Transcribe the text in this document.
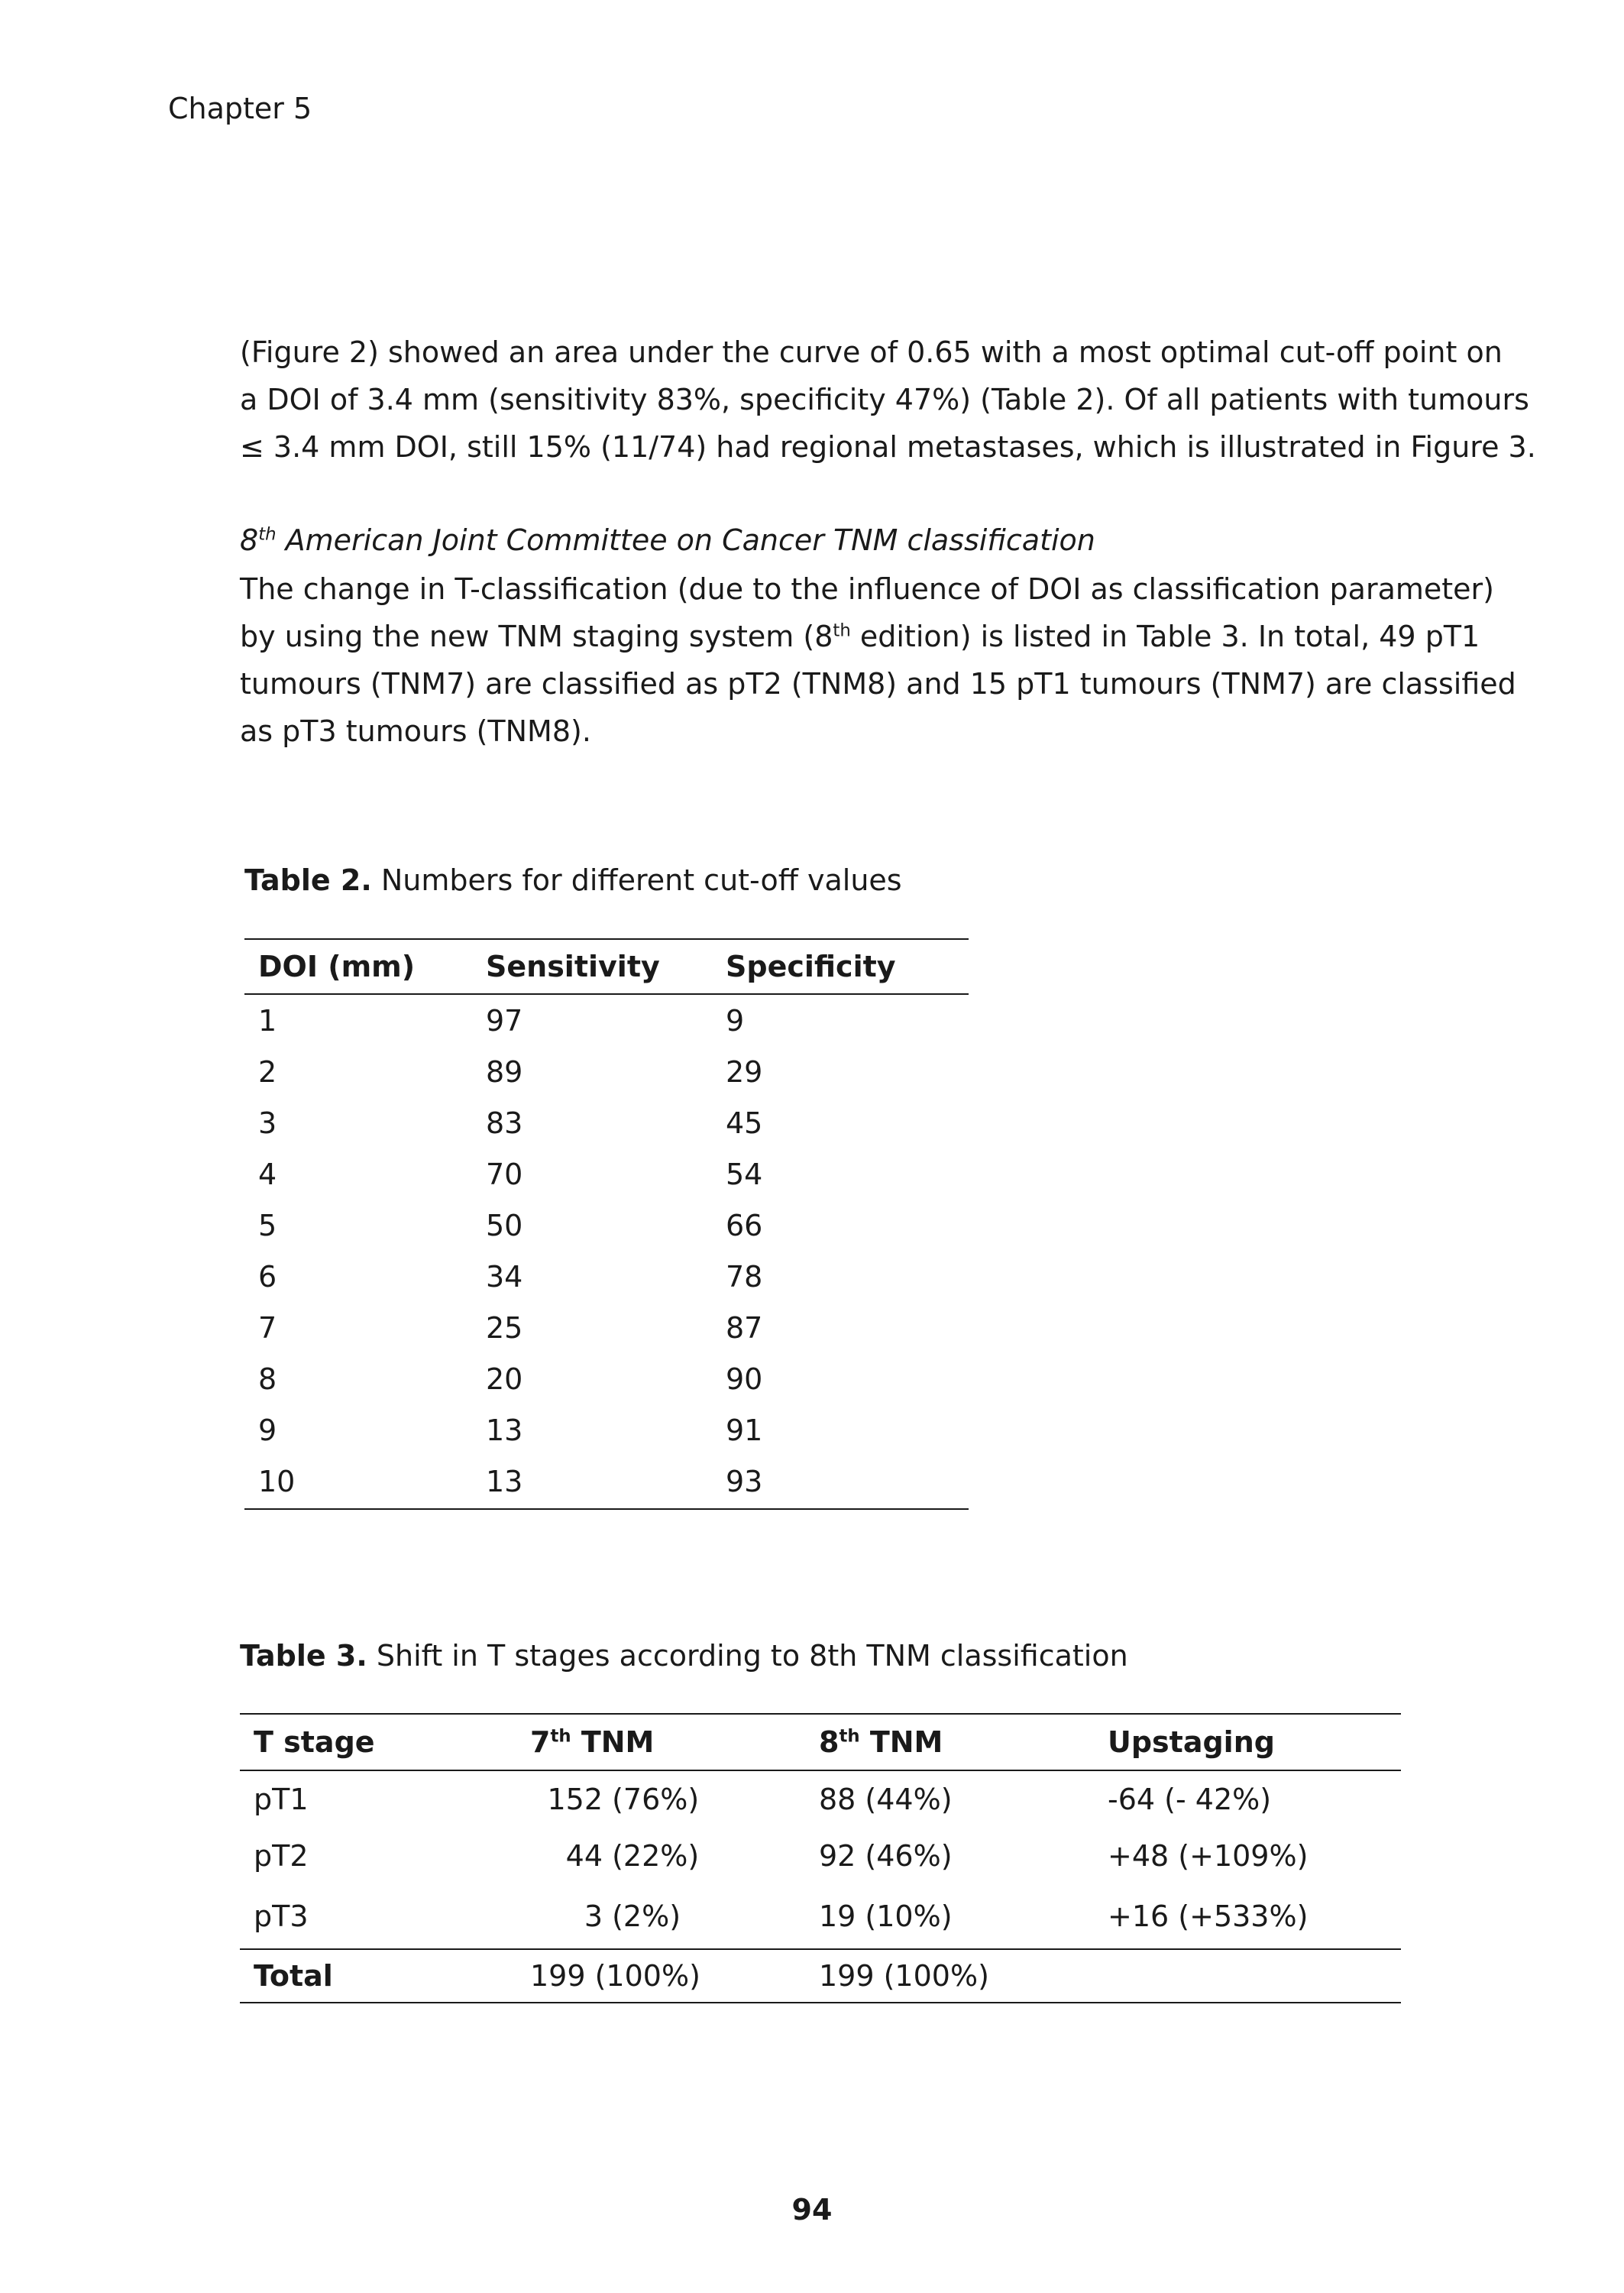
Chapter 5
(Figure 2) showed an area under the curve of 0.65 with a most optimal cut-off point on
a DOI of 3.4 mm (sensitivity 83%, specificity 47%) (Table 2). Of all patients with tumours
≤ 3.4 mm DOI, still 15% (11/74) had regional metastases, which is illustrated in Figure 3.
8th American Joint Committee on Cancer TNM classification
The change in T-classification (due to the influence of DOI as classification parameter)
by using the new TNM staging system (8th edition) is listed in Table 3. In total, 49 pT1
tumours (TNM7) are classified as pT2 (TNM8) and 15 pT1 tumours (TNM7) are classified
as pT3 tumours (TNM8).
Table 2. Numbers for different cut-off values
DOI (mm)	Sensitivity	Specificity
1	97	9
2	89	29
3	83	45
4	70	54
5	50	66
6	34	78
7	25	87
8	20	90
9	13	91
10	13	93
Table 3. Shift in T stages according to 8th TNM classification
T stage	7th TNM	8th TNM	Upstaging
pT1	152 (76%)	88 (44%)	-64 (- 42%)
pT2	44 (22%)	92 (46%)	+48 (+109%)
pT3	3 (2%)	19 (10%)	+16 (+533%)
Total	199 (100%)	199 (100%)
94
